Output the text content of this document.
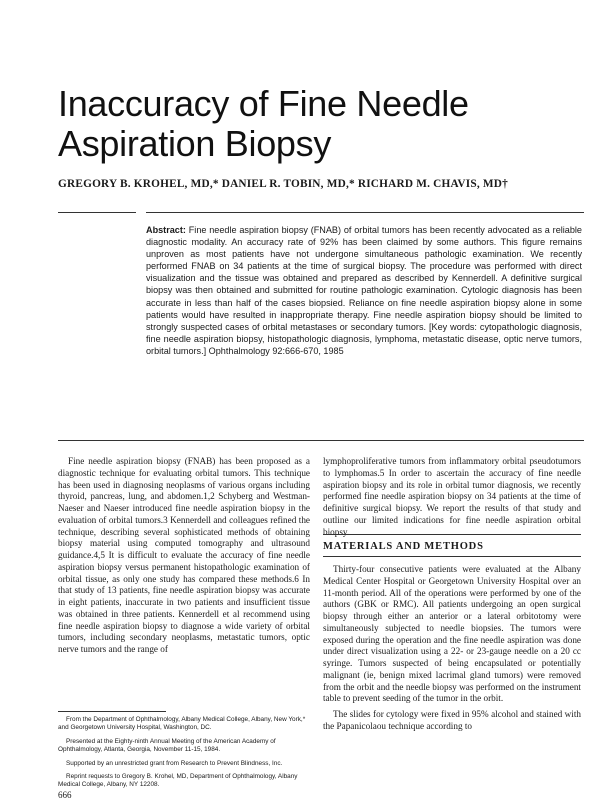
Inaccuracy of Fine Needle
Aspiration Biopsy
GREGORY B. KROHEL, MD,* DANIEL R. TOBIN, MD,* RICHARD M. CHAVIS, MD†

Abstract: Fine needle aspiration biopsy (FNAB) of orbital tumors has been recently advocated as a reliable diagnostic modality. An accuracy rate of 92% has been claimed by some authors. This figure remains unproven as most patients have not undergone simultaneous pathologic examination. We recently performed FNAB on 34 patients at the time of surgical biopsy. The procedure was performed with direct visualization and the tissue was obtained and prepared as described by Kennerdell. A definitive surgical biopsy was then obtained and submitted for routine pathologic examination. Cytologic diagnosis has been accurate in less than half of the cases biopsied. Reliance on fine needle aspiration biopsy alone in some patients would have resulted in inappropriate therapy. Fine needle aspiration biopsy should be limited to strongly suspected cases of orbital metastases or secondary tumors. [Key words: cytopathologic diagnosis, fine needle aspiration biopsy, histopathologic diagnosis, lymphoma, metastatic disease, optic nerve tumors, orbital tumors.] Ophthalmology 92:666-670, 1985

Fine needle aspiration biopsy (FNAB) has been proposed as a diagnostic technique for evaluating orbital tumors. This technique has been used in diagnosing neoplasms of various organs including thyroid, pancreas, lung, and abdomen.1,2 Schyberg and Westman-Naeser and Naeser introduced fine needle aspiration biopsy in the evaluation of orbital tumors.3 Kennerdell and colleagues refined the technique, describing several sophisticated methods of obtaining biopsy material using computed tomography and ultrasound guidance.4,5 It is difficult to evaluate the accuracy of fine needle aspiration biopsy versus permanent histopathologic examination of orbital tissue, as only one study has compared these methods.6 In that study of 13 patients, fine needle aspiration biopsy was accurate in eight patients, inaccurate in two patients and insufficient tissue was obtained in three patients. Kennerdell et al recommend using fine needle aspiration biopsy to diagnose a wide variety of orbital tumors, including secondary neoplasms, metastatic tumors, optic nerve tumors and the range of

lymphoproliferative tumors from inflammatory orbital pseudotumors to lymphomas.5 In order to ascertain the accuracy of fine needle aspiration biopsy and its role in orbital tumor diagnosis, we recently performed fine needle aspiration biopsy on 34 patients at the time of definitive surgical biopsy. We report the results of that study and outline our limited indications for fine needle aspiration orbital biopsy.

MATERIALS AND METHODS

Thirty-four consecutive patients were evaluated at the Albany Medical Center Hospital or Georgetown University Hospital over an 11-month period. All of the operations were performed by one of the authors (GBK or RMC). All patients undergoing an open surgical biopsy through either an anterior or a lateral orbitotomy were simultaneously subjected to needle biopsies. The tumors were exposed during the operation and the fine needle aspiration was done under direct visualization using a 22- or 23-gauge needle on a 20 cc syringe. Tumors suspected of being encapsulated or potentially malignant (ie, benign mixed lacrimal gland tumors) were removed from the orbit and the needle biopsy was performed on the instrument table to prevent seeding of the tumor in the orbit.

The slides for cytology were fixed in 95% alcohol and stained with the Papanicolaou technique according to

From the Department of Ophthalmology, Albany Medical College, Albany, New York,* and Georgetown University Hospital, Washington, DC.

Presented at the Eighty-ninth Annual Meeting of the American Academy of Ophthalmology, Atlanta, Georgia, November 11-15, 1984.

Supported by an unrestricted grant from Research to Prevent Blindness, Inc.

Reprint requests to Gregory B. Krohel, MD, Department of Ophthalmology, Albany Medical College, Albany, NY 12208.

666
